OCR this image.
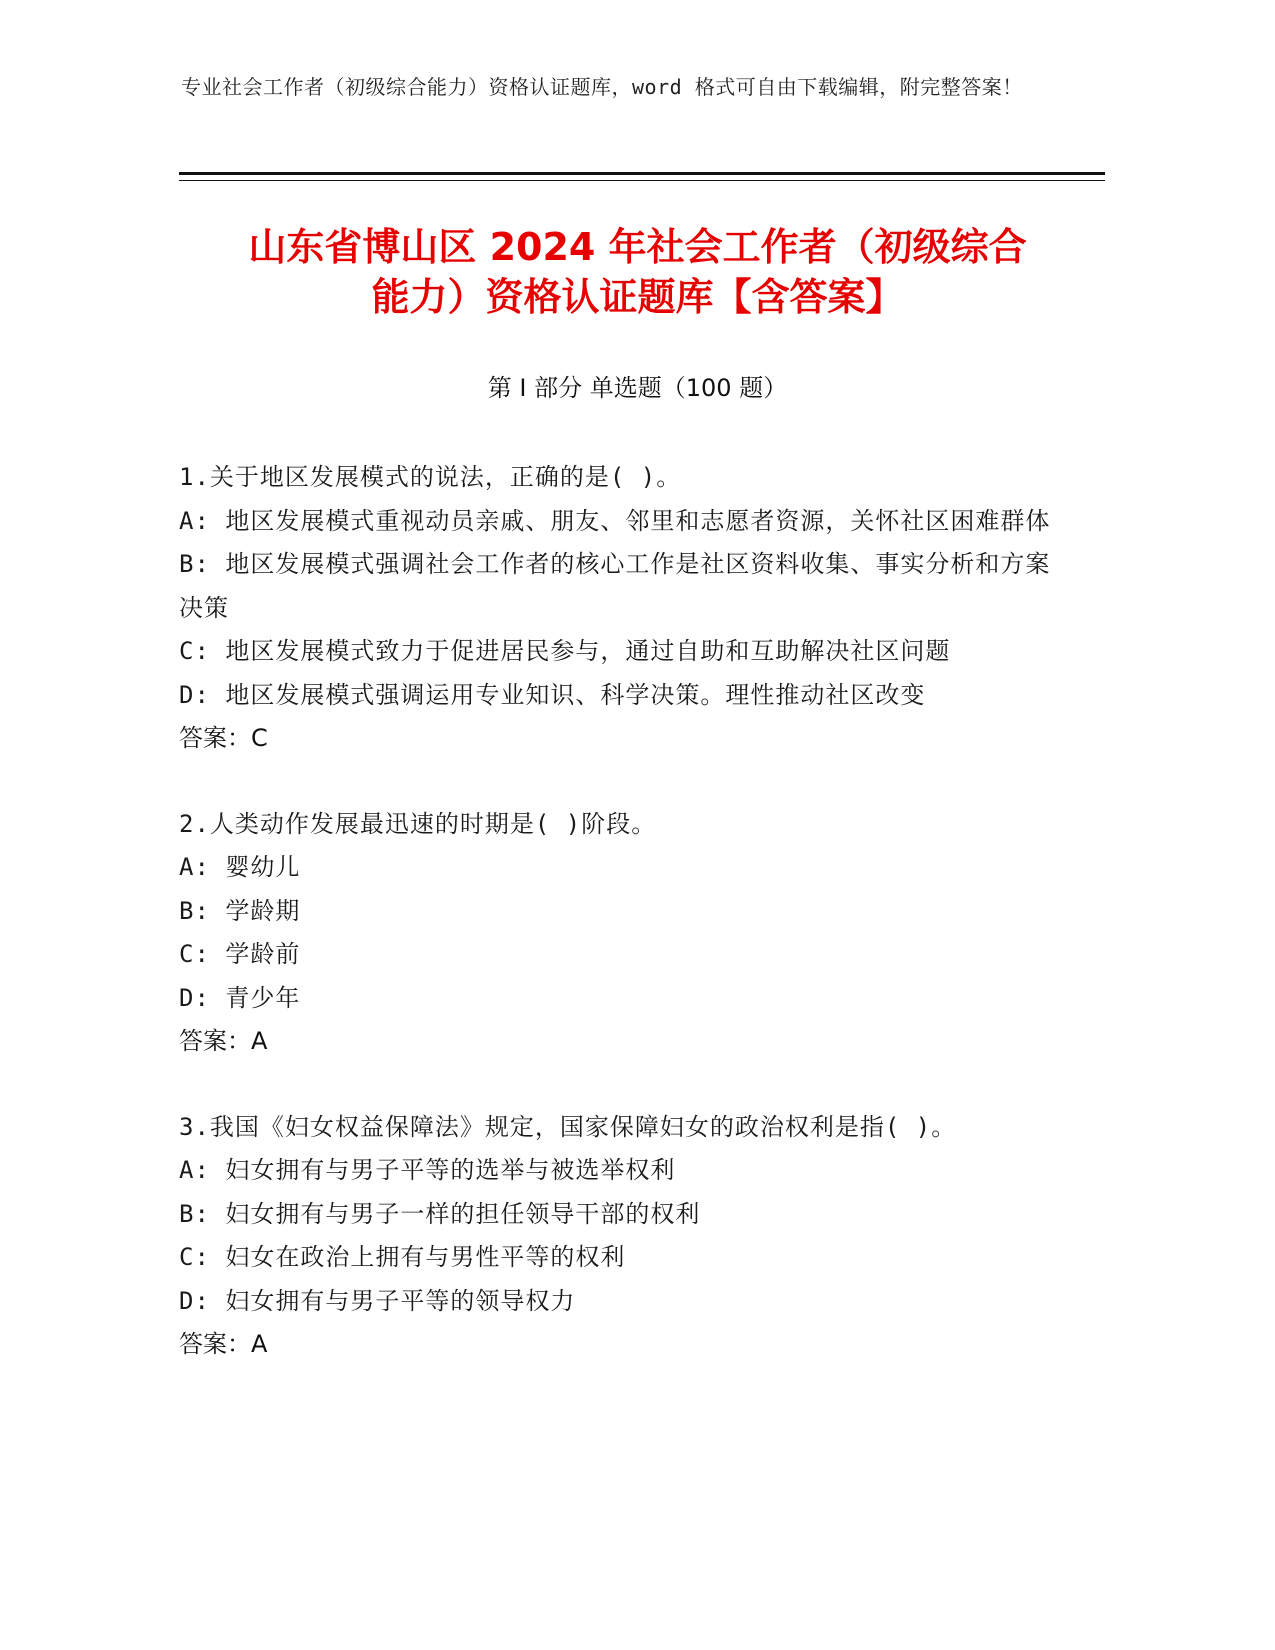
专业社会工作者（初级综合能力）资格认证题库，word 格式可自由下载编辑，附完整答案！
山东省博山区 2024 年社会工作者（初级综合
能力）资格认证题库【含答案】
第 I 部分 单选题（100 题）

1.关于地区发展模式的说法，正确的是( )。

A: 地区发展模式重视动员亲戚、朋友、邻里和志愿者资源，关怀社区困难群体

B: 地区发展模式强调社会工作者的核心工作是社区资料收集、事实分析和方案决策

C: 地区发展模式致力于促进居民参与，通过自助和互助解决社区问题

D: 地区发展模式强调运用专业知识、科学决策。理性推动社区改变

答案：C

2.人类动作发展最迅速的时期是( )阶段。

A: 婴幼儿

B: 学龄期

C: 学龄前

D: 青少年

答案：A

3.我国《妇女权益保障法》规定，国家保障妇女的政治权利是指( )。

A: 妇女拥有与男子平等的选举与被选举权利

B: 妇女拥有与男子一样的担任领导干部的权利

C: 妇女在政治上拥有与男性平等的权利

D: 妇女拥有与男子平等的领导权力

答案：A
